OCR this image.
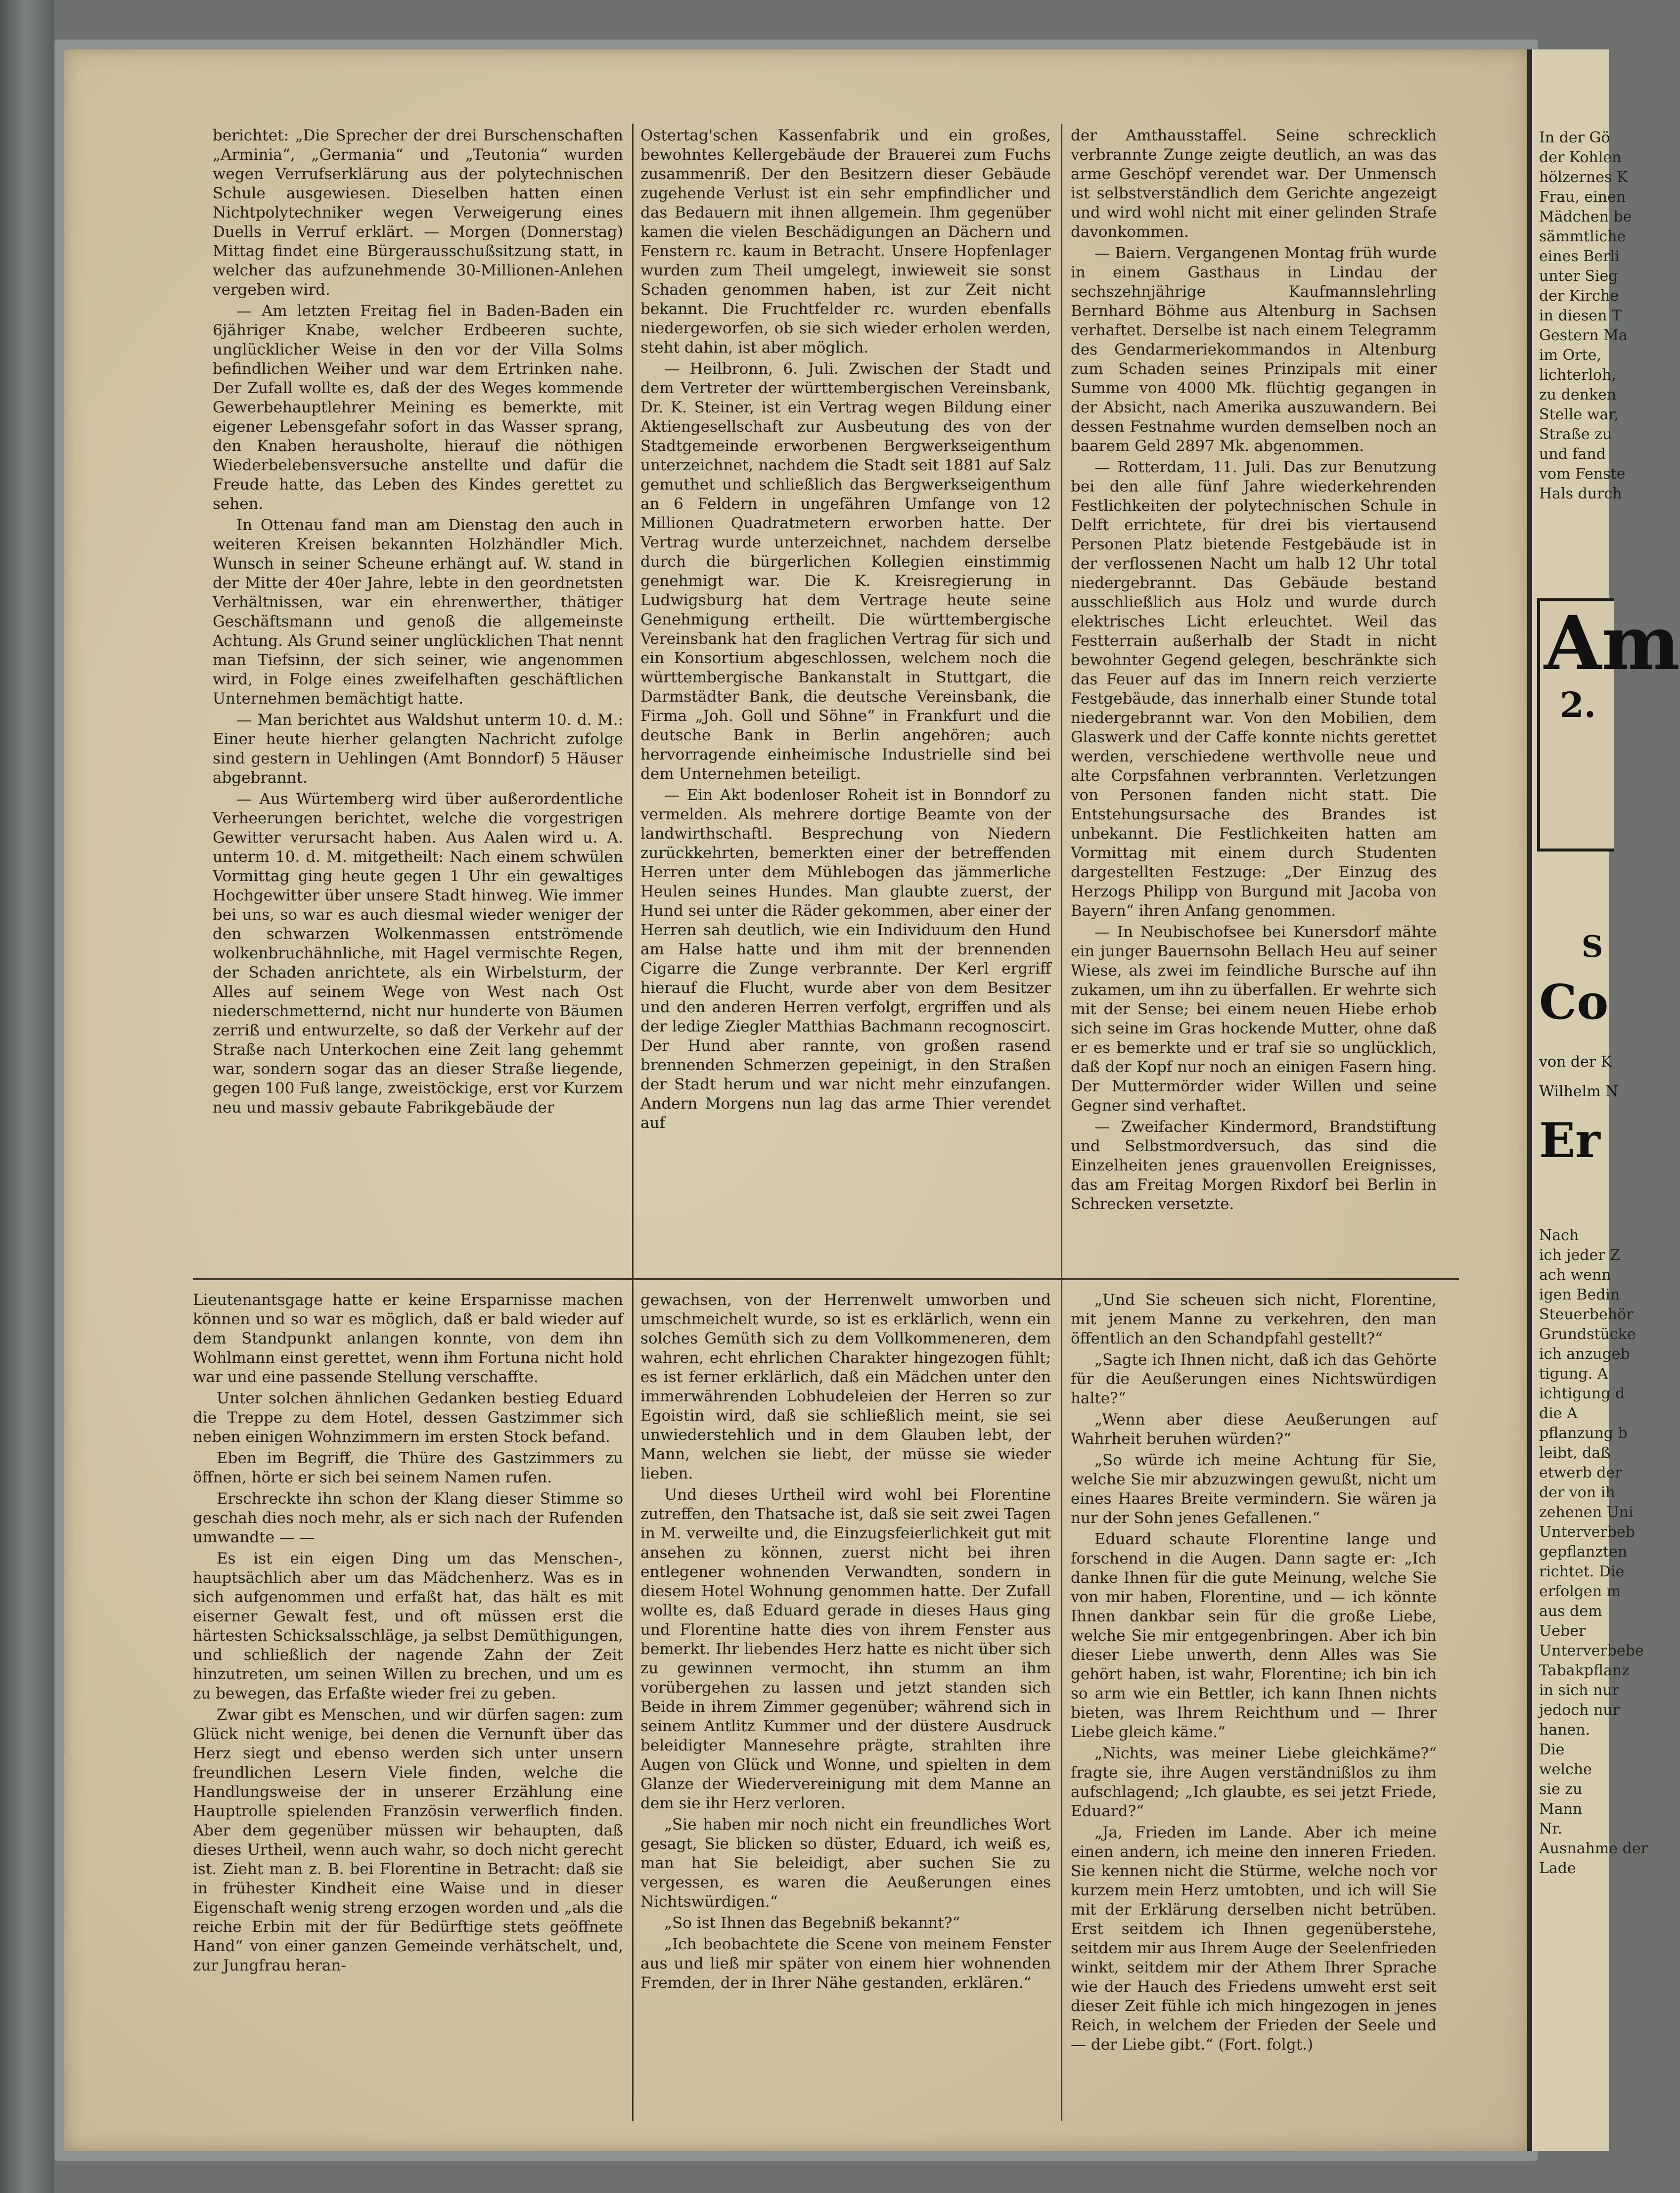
berichtet: „Die Sprecher der drei Burschenschaften „Arminia“, „Germania“ und „Teutonia“ wurden wegen Verrufserklärung aus der polytechnischen Schule ausgewiesen. Dieselben hatten einen Nichtpolytechniker wegen Verweigerung eines Duells in Verruf erklärt. — Morgen (Donnerstag) Mittag findet eine Bürgerausschußsitzung statt, in welcher das aufzunehmende 30-Millionen-Anlehen vergeben wird.

— Am letzten Freitag fiel in Baden-Baden ein 6jähriger Knabe, welcher Erdbeeren suchte, unglücklicher Weise in den vor der Villa Solms befindlichen Weiher und war dem Ertrinken nahe. Der Zufall wollte es, daß der des Weges kommende Gewerbehauptlehrer Meining es bemerkte, mit eigener Lebensgefahr sofort in das Wasser sprang, den Knaben herausholte, hierauf die nöthigen Wiederbelebensversuche anstellte und dafür die Freude hatte, das Leben des Kindes gerettet zu sehen.

In Ottenau fand man am Dienstag den auch in weiteren Kreisen bekannten Holzhändler Mich. Wunsch in seiner Scheune erhängt auf. W. stand in der Mitte der 40er Jahre, lebte in den geordnetsten Verhältnissen, war ein ehrenwerther, thätiger Geschäftsmann und genoß die allgemeinste Achtung. Als Grund seiner unglücklichen That nennt man Tiefsinn, der sich seiner, wie angenommen wird, in Folge eines zweifelhaften geschäftlichen Unternehmen bemächtigt hatte.

— Man berichtet aus Waldshut unterm 10. d. M.: Einer heute hierher gelangten Nachricht zufolge sind gestern in Uehlingen (Amt Bonndorf) 5 Häuser abgebrannt.

— Aus Würtemberg wird über außerordentliche Verheerungen berichtet, welche die vorgestrigen Gewitter verursacht haben. Aus Aalen wird u. A. unterm 10. d. M. mitgetheilt: Nach einem schwülen Vormittag ging heute gegen 1 Uhr ein gewaltiges Hochgewitter über unsere Stadt hinweg. Wie immer bei uns, so war es auch diesmal wieder weniger der den schwarzen Wolkenmassen entströmende wolkenbruchähnliche, mit Hagel vermischte Regen, der Schaden anrichtete, als ein Wirbelsturm, der Alles auf seinem Wege von West nach Ost niederschmetternd, nicht nur hunderte von Bäumen zerriß und entwurzelte, so daß der Verkehr auf der Straße nach Unterkochen eine Zeit lang gehemmt war, sondern sogar das an dieser Straße liegende, gegen 100 Fuß lange, zweistöckige, erst vor Kurzem neu und massiv gebaute Fabrikgebäude der

Ostertag'schen Kassenfabrik und ein großes, bewohntes Kellergebäude der Brauerei zum Fuchs zusammenriß. Der den Besitzern dieser Gebäude zugehende Verlust ist ein sehr empfindlicher und das Bedauern mit ihnen allgemein. Ihm gegenüber kamen die vielen Beschädigungen an Dächern und Fenstern rc. kaum in Betracht. Unsere Hopfenlager wurden zum Theil umgelegt, inwieweit sie sonst Schaden genommen haben, ist zur Zeit nicht bekannt. Die Fruchtfelder rc. wurden ebenfalls niedergeworfen, ob sie sich wieder erholen werden, steht dahin, ist aber möglich.

— Heilbronn, 6. Juli. Zwischen der Stadt und dem Vertreter der württembergischen Vereinsbank, Dr. K. Steiner, ist ein Vertrag wegen Bildung einer Aktiengesellschaft zur Ausbeutung des von der Stadtgemeinde erworbenen Bergwerkseigenthum unterzeichnet, nachdem die Stadt seit 1881 auf Salz gemuthet und schließlich das Bergwerkseigenthum an 6 Feldern in ungefähren Umfange von 12 Millionen Quadratmetern erworben hatte. Der Vertrag wurde unterzeichnet, nachdem derselbe durch die bürgerlichen Kollegien einstimmig genehmigt war. Die K. Kreisregierung in Ludwigsburg hat dem Vertrage heute seine Genehmigung ertheilt. Die württembergische Vereinsbank hat den fraglichen Vertrag für sich und ein Konsortium abgeschlossen, welchem noch die württembergische Bankanstalt in Stuttgart, die Darmstädter Bank, die deutsche Vereinsbank, die Firma „Joh. Goll und Söhne“ in Frankfurt und die deutsche Bank in Berlin angehören; auch hervorragende einheimische Industrielle sind bei dem Unternehmen beteiligt.

— Ein Akt bodenloser Roheit ist in Bonndorf zu vermelden. Als mehrere dortige Beamte von der landwirthschaftl. Besprechung von Niedern zurückkehrten, bemerkten einer der betreffenden Herren unter dem Mühlebogen das jämmerliche Heulen seines Hundes. Man glaubte zuerst, der Hund sei unter die Räder gekommen, aber einer der Herren sah deutlich, wie ein Individuum den Hund am Halse hatte und ihm mit der brennenden Cigarre die Zunge verbrannte. Der Kerl ergriff hierauf die Flucht, wurde aber von dem Besitzer und den anderen Herren verfolgt, ergriffen und als der ledige Ziegler Matthias Bachmann recognoscirt. Der Hund aber rannte, von großen rasend brennenden Schmerzen gepeinigt, in den Straßen der Stadt herum und war nicht mehr einzufangen. Andern Morgens nun lag das arme Thier verendet auf

der Amthausstaffel. Seine schrecklich verbrannte Zunge zeigte deutlich, an was das arme Geschöpf verendet war. Der Unmensch ist selbstverständlich dem Gerichte angezeigt und wird wohl nicht mit einer gelinden Strafe davonkommen.

— Baiern. Vergangenen Montag früh wurde in einem Gasthaus in Lindau der sechszehnjährige Kaufmannslehrling Bernhard Böhme aus Altenburg in Sachsen verhaftet. Derselbe ist nach einem Telegramm des Gendarmeriekommandos in Altenburg zum Schaden seines Prinzipals mit einer Summe von 4000 Mk. flüchtig gegangen in der Absicht, nach Amerika auszuwandern. Bei dessen Festnahme wurden demselben noch an baarem Geld 2897 Mk. abgenommen.

— Rotterdam, 11. Juli. Das zur Benutzung bei den alle fünf Jahre wiederkehrenden Festlichkeiten der polytechnischen Schule in Delft errichtete, für drei bis viertausend Personen Platz bietende Festgebäude ist in der verflossenen Nacht um halb 12 Uhr total niedergebrannt. Das Gebäude bestand ausschließlich aus Holz und wurde durch elektrisches Licht erleuchtet. Weil das Festterrain außerhalb der Stadt in nicht bewohnter Gegend gelegen, beschränkte sich das Feuer auf das im Innern reich verzierte Festgebäude, das innerhalb einer Stunde total niedergebrannt war. Von den Mobilien, dem Glaswerk und der Caffe konnte nichts gerettet werden, verschiedene werthvolle neue und alte Corpsfahnen verbrannten. Verletzungen von Personen fanden nicht statt. Die Entstehungsursache des Brandes ist unbekannt. Die Festlichkeiten hatten am Vormittag mit einem durch Studenten dargestellten Festzuge: „Der Einzug des Herzogs Philipp von Burgund mit Jacoba von Bayern“ ihren Anfang genommen.

— In Neubischofsee bei Kunersdorf mähte ein junger Bauernsohn Bellach Heu auf seiner Wiese, als zwei im feindliche Bursche auf ihn zukamen, um ihn zu überfallen. Er wehrte sich mit der Sense; bei einem neuen Hiebe erhob sich seine im Gras hockende Mutter, ohne daß er es bemerkte und er traf sie so unglücklich, daß der Kopf nur noch an einigen Fasern hing. Der Muttermörder wider Willen und seine Gegner sind verhaftet.

— Zweifacher Kindermord, Brandstiftung und Selbstmordversuch, das sind die Einzelheiten jenes grauenvollen Ereignisses, das am Freitag Morgen Rixdorf bei Berlin in Schrecken versetzte.

Lieutenantsgage hatte er keine Ersparnisse machen können und so war es möglich, daß er bald wieder auf dem Standpunkt anlangen konnte, von dem ihn Wohlmann einst gerettet, wenn ihm Fortuna nicht hold war und eine passende Stellung verschaffte.

Unter solchen ähnlichen Gedanken bestieg Eduard die Treppe zu dem Hotel, dessen Gastzimmer sich neben einigen Wohnzimmern im ersten Stock befand.

Eben im Begriff, die Thüre des Gastzimmers zu öffnen, hörte er sich bei seinem Namen rufen.

Erschreckte ihn schon der Klang dieser Stimme so geschah dies noch mehr, als er sich nach der Rufenden umwandte — —

Es ist ein eigen Ding um das Menschen-, hauptsächlich aber um das Mädchenherz. Was es in sich aufgenommen und erfaßt hat, das hält es mit eiserner Gewalt fest, und oft müssen erst die härtesten Schicksalsschläge, ja selbst Demüthigungen, und schließlich der nagende Zahn der Zeit hinzutreten, um seinen Willen zu brechen, und um es zu bewegen, das Erfaßte wieder frei zu geben.

Zwar gibt es Menschen, und wir dürfen sagen: zum Glück nicht wenige, bei denen die Vernunft über das Herz siegt und ebenso werden sich unter unsern freundlichen Lesern Viele finden, welche die Handlungsweise der in unserer Erzählung eine Hauptrolle spielenden Französin verwerflich finden. Aber dem gegenüber müssen wir behaupten, daß dieses Urtheil, wenn auch wahr, so doch nicht gerecht ist. Zieht man z. B. bei Florentine in Betracht: daß sie in frühester Kindheit eine Waise und in dieser Eigenschaft wenig streng erzogen worden und „als die reiche Erbin mit der für Bedürftige stets geöffnete Hand“ von einer ganzen Gemeinde verhätschelt, und, zur Jungfrau heran-

gewachsen, von der Herrenwelt umworben und umschmeichelt wurde, so ist es erklärlich, wenn ein solches Gemüth sich zu dem Vollkommeneren, dem wahren, echt ehrlichen Charakter hingezogen fühlt; es ist ferner erklärlich, daß ein Mädchen unter den immerwährenden Lobhudeleien der Herren so zur Egoistin wird, daß sie schließlich meint, sie sei unwiederstehlich und in dem Glauben lebt, der Mann, welchen sie liebt, der müsse sie wieder lieben.

Und dieses Urtheil wird wohl bei Florentine zutreffen, den Thatsache ist, daß sie seit zwei Tagen in M. verweilte und, die Einzugsfeierlichkeit gut mit ansehen zu können, zuerst nicht bei ihren entlegener wohnenden Verwandten, sondern in diesem Hotel Wohnung genommen hatte. Der Zufall wollte es, daß Eduard gerade in dieses Haus ging und Florentine hatte dies von ihrem Fenster aus bemerkt. Ihr liebendes Herz hatte es nicht über sich zu gewinnen vermocht, ihn stumm an ihm vorübergehen zu lassen und jetzt standen sich Beide in ihrem Zimmer gegenüber; während sich in seinem Antlitz Kummer und der düstere Ausdruck beleidigter Mannesehre prägte, strahlten ihre Augen von Glück und Wonne, und spielten in dem Glanze der Wiedervereinigung mit dem Manne an dem sie ihr Herz verloren.

„Sie haben mir noch nicht ein freundliches Wort gesagt, Sie blicken so düster, Eduard, ich weiß es, man hat Sie beleidigt, aber suchen Sie zu vergessen, es waren die Aeußerungen eines Nichtswürdigen.“

„So ist Ihnen das Begebniß bekannt?“

„Ich beobachtete die Scene von meinem Fenster aus und ließ mir später von einem hier wohnenden Fremden, der in Ihrer Nähe gestanden, erklären.“

„Und Sie scheuen sich nicht, Florentine, mit jenem Manne zu verkehren, den man öffentlich an den Schandpfahl gestellt?“

„Sagte ich Ihnen nicht, daß ich das Gehörte für die Aeußerungen eines Nichtswürdigen halte?“

„Wenn aber diese Aeußerungen auf Wahrheit beruhen würden?“

„So würde ich meine Achtung für Sie, welche Sie mir abzuzwingen gewußt, nicht um eines Haares Breite vermindern. Sie wären ja nur der Sohn jenes Gefallenen.“

Eduard schaute Florentine lange und forschend in die Augen. Dann sagte er: „Ich danke Ihnen für die gute Meinung, welche Sie von mir haben, Florentine, und — ich könnte Ihnen dankbar sein für die große Liebe, welche Sie mir entgegenbringen. Aber ich bin dieser Liebe unwerth, denn Alles was Sie gehört haben, ist wahr, Florentine; ich bin ich so arm wie ein Bettler, ich kann Ihnen nichts bieten, was Ihrem Reichthum und — Ihrer Liebe gleich käme.“

„Nichts, was meiner Liebe gleichkäme?“ fragte sie, ihre Augen verständnißlos zu ihm aufschlagend; „Ich glaubte, es sei jetzt Friede, Eduard?“

„Ja, Frieden im Lande. Aber ich meine einen andern, ich meine den inneren Frieden. Sie kennen nicht die Stürme, welche noch vor kurzem mein Herz umtobten, und ich will Sie mit der Erklärung derselben nicht betrüben. Erst seitdem ich Ihnen gegenüberstehe, seitdem mir aus Ihrem Auge der Seelenfrieden winkt, seitdem mir der Athem Ihrer Sprache wie der Hauch des Friedens umweht erst seit dieser Zeit fühle ich mich hingezogen in jenes Reich, in welchem der Frieden der Seele und — der Liebe gibt.“ (Fort. folgt.)

In der Gö

der Kohlen

hölzernes K

Frau, einen

Mädchen be

sämmtliche

eines Berli

unter Sieg

der Kirche

in diesen T

Gestern Ma

im Orte,

lichterloh,

zu denken

Stelle war,

Straße zu

und fand

vom Fenste

Hals durch

Am
2.
S
Co
von der K
Wilhelm N
Er

Nach

ich jeder Z

ach wenn

igen Bedin

Steuerbehör

Grundstücke

ich anzugeb

tigung. A

ichtigung d

die A

pflanzung b

leibt, daß

etwerb der

der von ih

zehenen Uni

Unterverbeb

gepflanzten

richtet. Die

erfolgen m

aus dem

Ueber

Unterverbebe

Tabakpflanz

in sich nur

jedoch nur

hanen.

Die

welche

sie zu

Mann

Nr.

Ausnahme der

Lade
